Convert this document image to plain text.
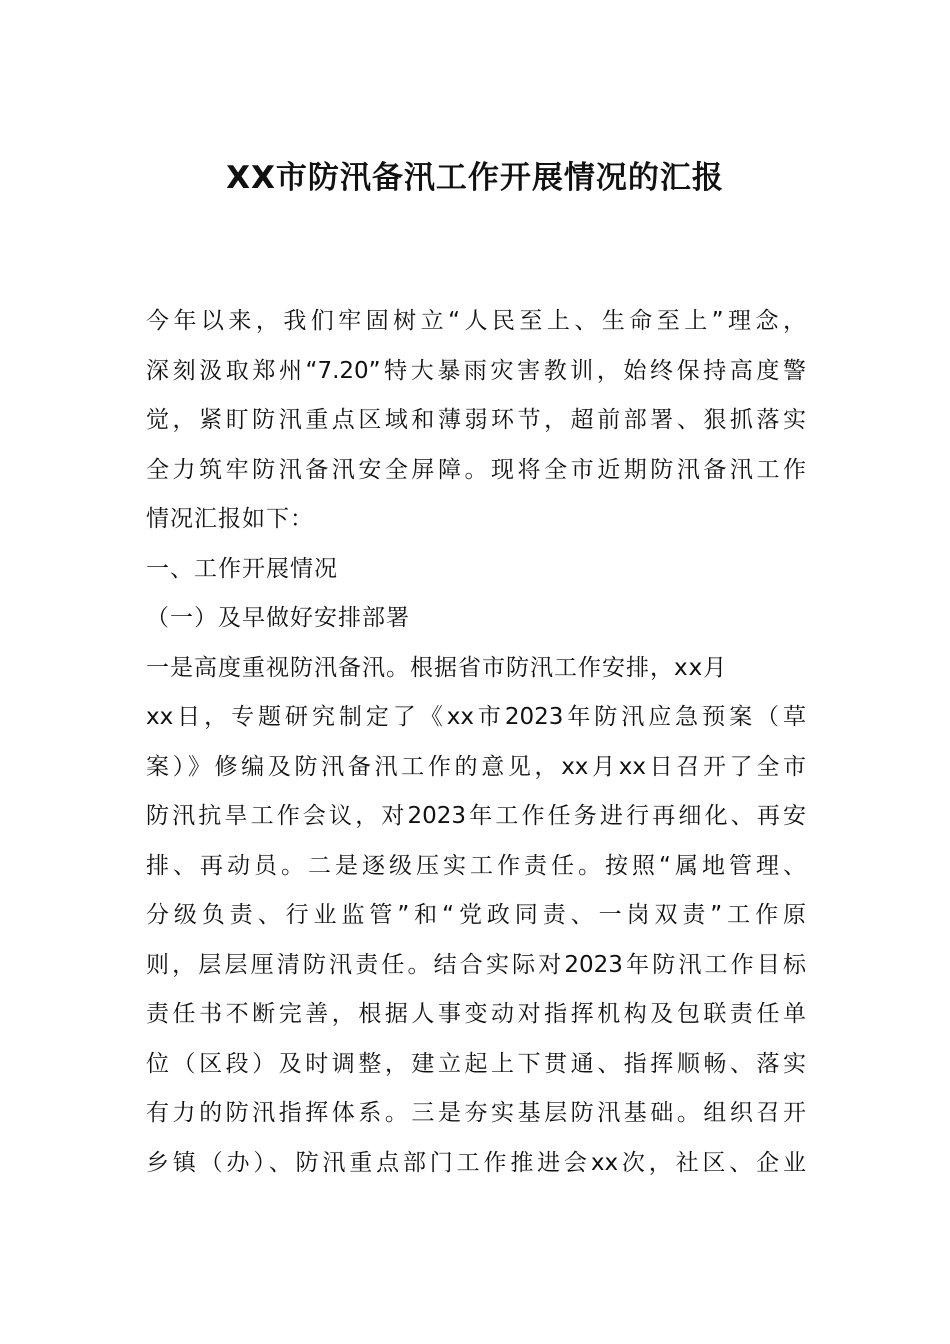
XX市防汛备汛工作开展情况的汇报
今年以来，我们牢固树立“人民至上、生命至上”理念，
深刻汲取郑州“7.20”特大暴雨灾害教训，始终保持高度警
觉，紧盯防汛重点区域和薄弱环节，超前部署、狠抓落实
全力筑牢防汛备汛安全屏障。现将全市近期防汛备汛工作
情况汇报如下：
一、工作开展情况
（一）及早做好安排部署
一是高度重视防汛备汛。根据省市防汛工作安排，xx月
xx日，专题研究制定了《xx市2023年防汛应急预案（草
案）》修编及防汛备汛工作的意见，xx月xx日召开了全市
防汛抗旱工作会议，对2023年工作任务进行再细化、再安
排、再动员。二是逐级压实工作责任。按照“属地管理、
分级负责、行业监管”和“党政同责、一岗双责”工作原
则，层层厘清防汛责任。结合实际对2023年防汛工作目标
责任书不断完善，根据人事变动对指挥机构及包联责任单
位（区段）及时调整，建立起上下贯通、指挥顺畅、落实
有力的防汛指挥体系。三是夯实基层防汛基础。组织召开
乡镇（办）、防汛重点部门工作推进会xx次，社区、企业
